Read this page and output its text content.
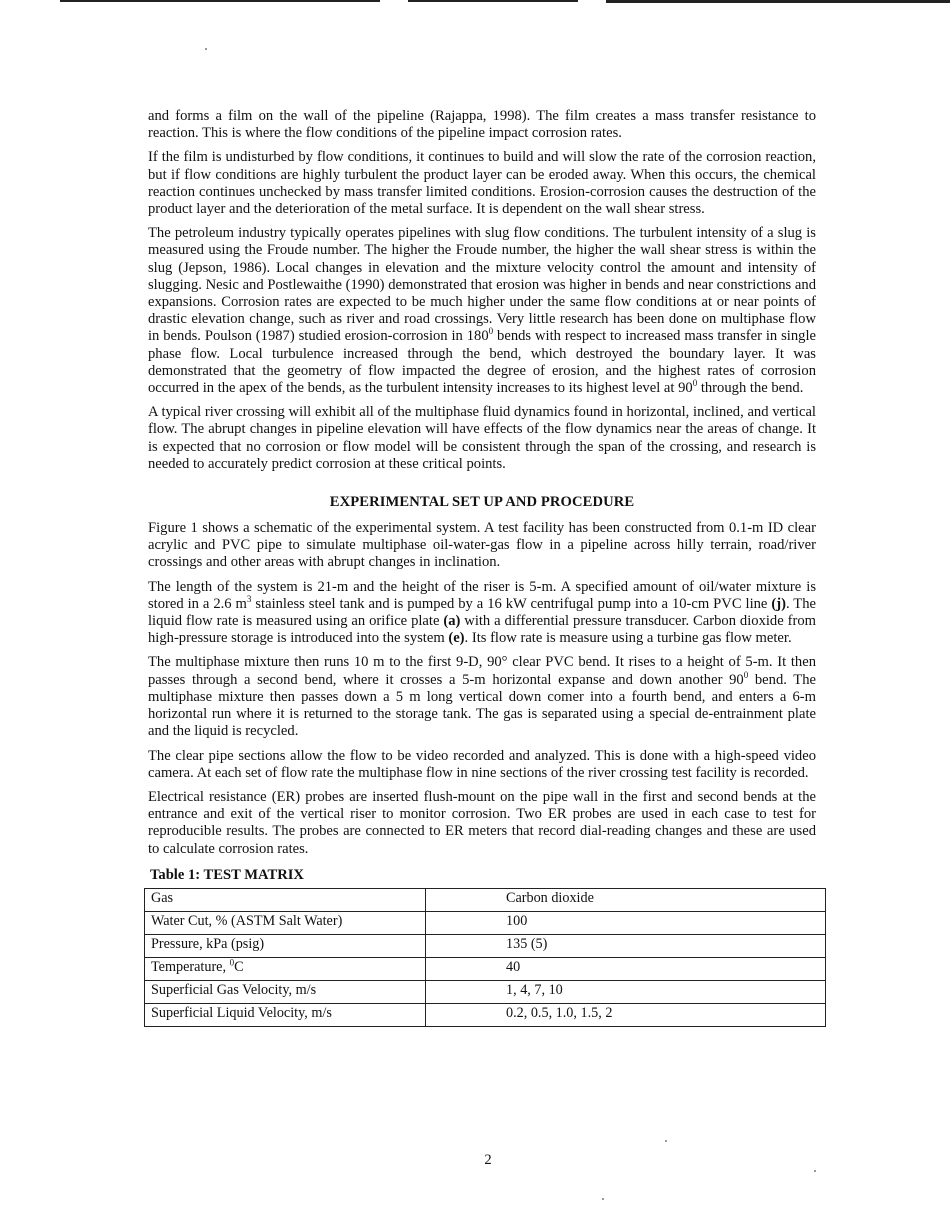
and forms a film on the wall of the pipeline (Rajappa, 1998). The film creates a mass transfer resistance to reaction. This is where the flow conditions of the pipeline impact corrosion rates.

If the film is undisturbed by flow conditions, it continues to build and will slow the rate of the corrosion reaction, but if flow conditions are highly turbulent the product layer can be eroded away. When this occurs, the chemical reaction continues unchecked by mass transfer limited conditions. Erosion-corrosion causes the destruction of the product layer and the deterioration of the metal surface. It is dependent on the wall shear stress.

The petroleum industry typically operates pipelines with slug flow conditions. The turbulent intensity of a slug is measured using the Froude number. The higher the Froude number, the higher the wall shear stress is within the slug (Jepson, 1986). Local changes in elevation and the mixture velocity control the amount and intensity of slugging. Nesic and Postlewaithe (1990) demonstrated that erosion was higher in bends and near constrictions and expansions. Corrosion rates are expected to be much higher under the same flow conditions at or near points of drastic elevation change, such as river and road crossings. Very little research has been done on multiphase flow in bends. Poulson (1987) studied erosion-corrosion in $180^0$ bends with respect to increased mass transfer in single phase flow. Local turbulence increased through the bend, which destroyed the boundary layer. It was demonstrated that the geometry of flow impacted the degree of erosion, and the highest rates of corrosion occurred in the apex of the bends, as the turbulent intensity increases to its highest level at $90^0$ through the bend.

A typical river crossing will exhibit all of the multiphase fluid dynamics found in horizontal, inclined, and vertical flow. The abrupt changes in pipeline elevation will have effects of the flow dynamics near the areas of change. It is expected that no corrosion or flow model will be consistent through the span of the crossing, and research is needed to accurately predict corrosion at these critical points.

EXPERIMENTAL SET UP AND PROCEDURE

Figure 1 shows a schematic of the experimental system. A test facility has been constructed from 0.1-m ID clear acrylic and PVC pipe to simulate multiphase oil-water-gas flow in a pipeline across hilly terrain, road/river crossings and other areas with abrupt changes in inclination.

The length of the system is 21-m and the height of the riser is 5-m. A specified amount of oil/water mixture is stored in a 2.6 $m^3$ stainless steel tank and is pumped by a 16 kW centrifugal pump into a 10-cm PVC line (j). The liquid flow rate is measured using an orifice plate (a) with a differential pressure transducer. Carbon dioxide from high-pressure storage is introduced into the system (e). Its flow rate is measure using a turbine gas flow meter.

The multiphase mixture then runs 10 m to the first 9-D, 90° clear PVC bend. It rises to a height of 5-m. It then passes through a second bend, where it crosses a 5-m horizontal expanse and down another $90^0$ bend. The multiphase mixture then passes down a 5 m long vertical down comer into a fourth bend, and enters a 6-m horizontal run where it is returned to the storage tank. The gas is separated using a special de-entrainment plate and the liquid is recycled.

The clear pipe sections allow the flow to be video recorded and analyzed. This is done with a high-speed video camera. At each set of flow rate the multiphase flow in nine sections of the river crossing test facility is recorded.

Electrical resistance (ER) probes are inserted flush-mount on the pipe wall in the first and second bends at the entrance and exit of the vertical riser to monitor corrosion. Two ER probes are used in each case to test for reproducible results. The probes are connected to ER meters that record dial-reading changes and these are used to calculate corrosion rates.

Table 1: TEST MATRIX
Gas	Carbon dioxide
Water Cut, % (ASTM Salt Water)	100
Pressure, kPa (psig)	135 (5)
Temperature, $^0$C	40
Superficial Gas Velocity, m/s	1, 4, 7, 10
Superficial Liquid Velocity, m/s	0.2, 0.5, 1.0, 1.5, 2
2
